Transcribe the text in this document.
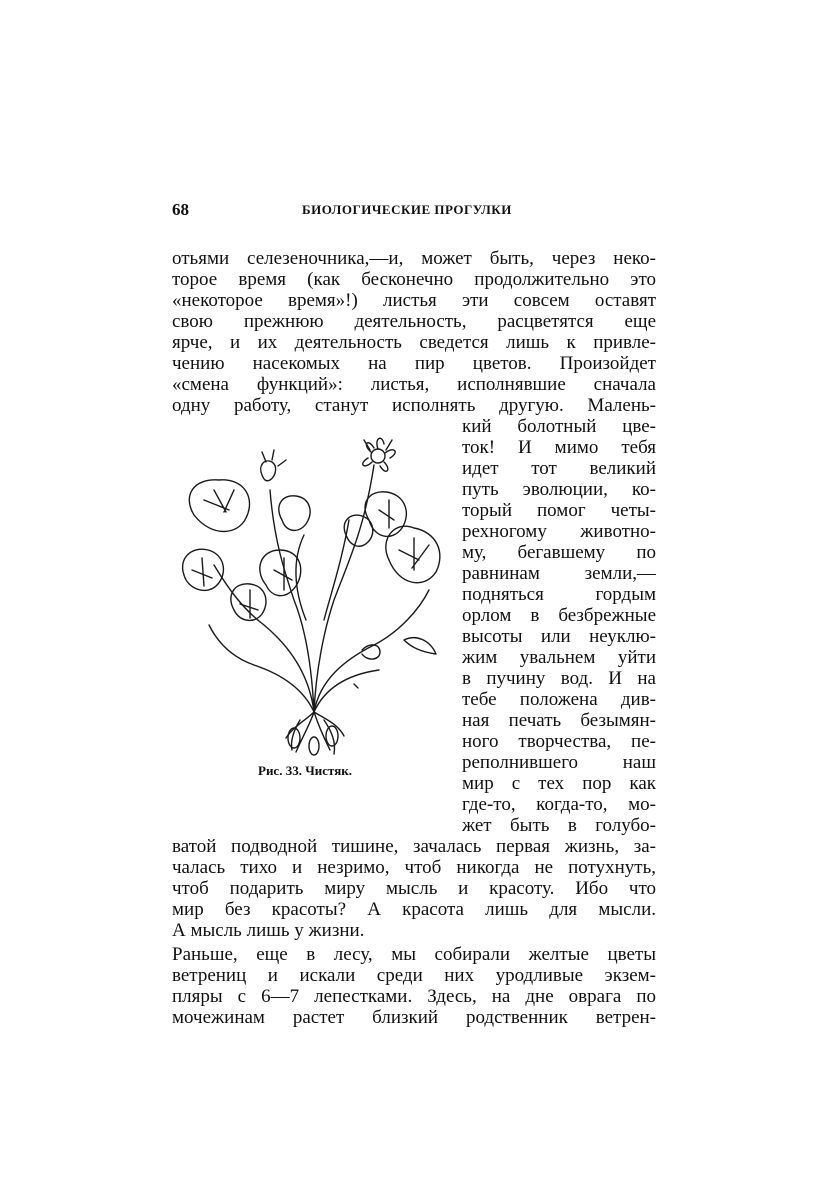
68	БИОЛОГИЧЕСКИЕ ПРОГУЛКИ
отьями селезеночника,—и, может быть, через неко-
торое время (как бесконечно продолжительно это
«некоторое время»!) листья эти совсем оставят
свою прежнюю деятельность, расцветятся еще
ярче, и их деятельность сведется лишь к привле-
чению насекомых на пир цветов. Произойдет
«смена функций»: листья, исполнявшие сначала
одну работу, станут исполнять другую. Малень-
кий болотный цве-
ток! И мимо тебя
идет тот великий
путь эволюции, ко-
торый помог четы-
рехногому животно-
му, бегавшему по
равнинам земли,—
подняться гордым
орлом в безбрежные
высоты или неуклю-
жим увальнем уйти
в пучину вод. И на
тебе положена див-
ная печать безымян-
ного творчества, пе-
реполнившего наш
мир с тех пор как
где-то, когда-то, мо-
жет быть в голубо-
Рис. 33. Чистяк.
ватой подводной тишине, зачалась первая жизнь, за-
чалась тихо и незримо, чтоб никогда не потухнуть,
чтоб подарить миру мысль и красоту. Ибо что
мир без красоты? А красота лишь для мысли.
А мысль лишь у жизни.
Раньше, еще в лесу, мы собирали желтые цветы
ветрениц и искали среди них уродливые экзем-
пляры с 6—7 лепестками. Здесь, на дне оврага по
мочежинам растет близкий родственник ветрен-
